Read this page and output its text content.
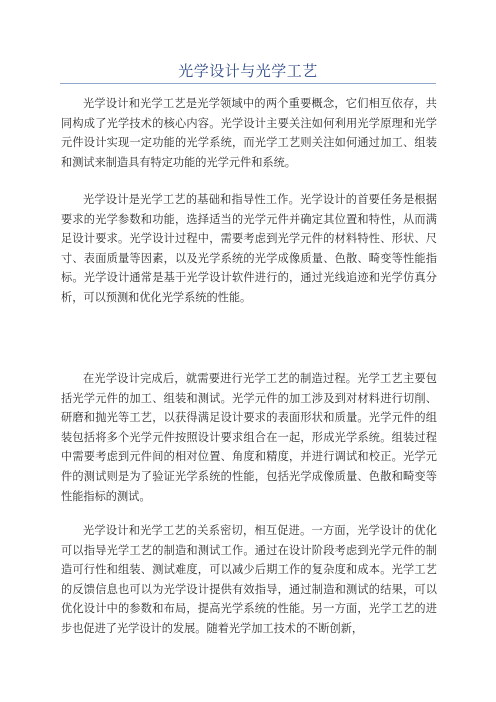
光学设计与光学工艺

光学设计和光学工艺是光学领域中的两个重要概念，它们相互依存，共同构成了光学技术的核心内容。光学设计主要关注如何利用光学原理和光学元件设计实现一定功能的光学系统，而光学工艺则关注如何通过加工、组装和测试来制造具有特定功能的光学元件和系统。

光学设计是光学工艺的基础和指导性工作。光学设计的首要任务是根据要求的光学参数和功能，选择适当的光学元件并确定其位置和特性，从而满足设计要求。光学设计过程中，需要考虑到光学元件的材料特性、形状、尺寸、表面质量等因素，以及光学系统的光学成像质量、色散、畸变等性能指标。光学设计通常是基于光学设计软件进行的，通过光线追迹和光学仿真分析，可以预测和优化光学系统的性能。

在光学设计完成后，就需要进行光学工艺的制造过程。光学工艺主要包括光学元件的加工、组装和测试。光学元件的加工涉及到对材料进行切削、研磨和抛光等工艺，以获得满足设计要求的表面形状和质量。光学元件的组装包括将多个光学元件按照设计要求组合在一起，形成光学系统。组装过程中需要考虑到元件间的相对位置、角度和精度，并进行调试和校正。光学元件的测试则是为了验证光学系统的性能，包括光学成像质量、色散和畸变等性能指标的测试。

光学设计和光学工艺的关系密切，相互促进。一方面，光学设计的优化可以指导光学工艺的制造和测试工作。通过在设计阶段考虑到光学元件的制造可行性和组装、测试难度，可以减少后期工作的复杂度和成本。光学工艺的反馈信息也可以为光学设计提供有效指导，通过制造和测试的结果，可以优化设计中的参数和布局，提高光学系统的性能。另一方面，光学工艺的进步也促进了光学设计的发展。随着光学加工技术的不断创新，
